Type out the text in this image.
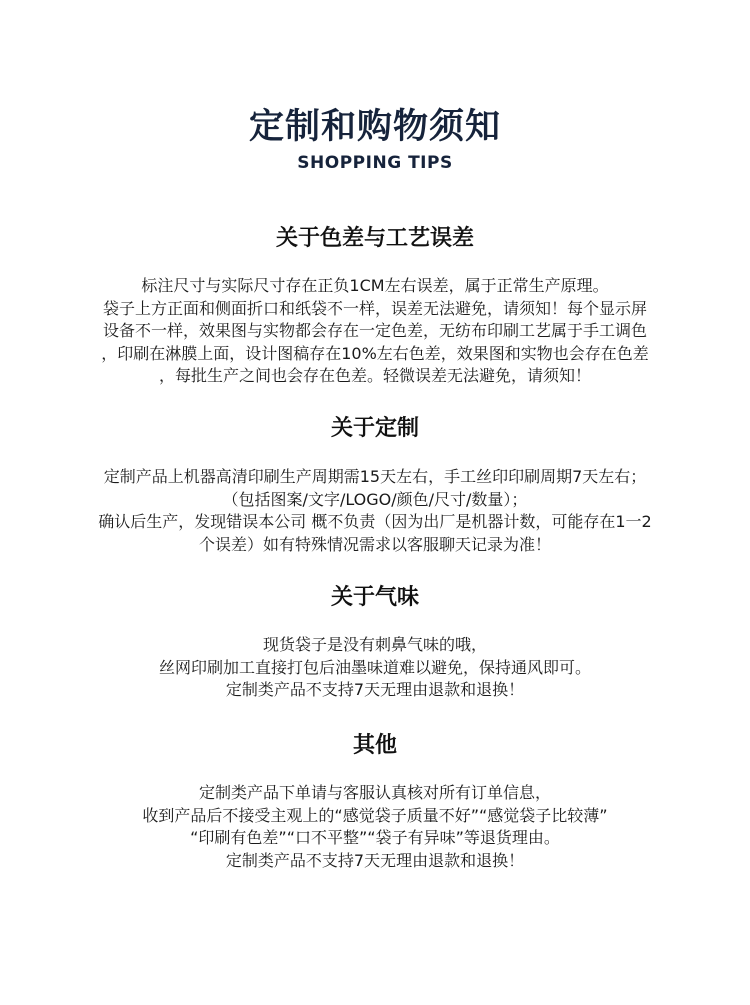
定制和购物须知
SHOPPING TIPS
关于色差与工艺误差
标注尺寸与实际尺寸存在正负1CM左右误差，属于正常生产原理。
袋子上方正面和侧面折口和纸袋不一样，误差无法避免，请须知！每个显示屏
设备不一样，效果图与实物都会存在一定色差，无纺布印刷工艺属于手工调色
，印刷在淋膜上面，设计图稿存在10%左右色差，效果图和实物也会存在色差
，每批生产之间也会存在色差。轻微误差无法避免，请须知！
关于定制
定制产品上机器高清印刷生产周期需15天左右，手工丝印印刷周期7天左右；
（包括图案/文字/LOGO/颜色/尺寸/数量）；
确认后生产，发现错误本公司 概不负责（因为出厂是机器计数，可能存在1一2
个误差）如有特殊情况需求以客服聊天记录为准！
关于气味
现货袋子是没有刺鼻气味的哦，
丝网印刷加工直接打包后油墨味道难以避免，保持通风即可。
定制类产品不支持7天无理由退款和退换！
其他
定制类产品下单请与客服认真核对所有订单信息，
收到产品后不接受主观上的“感觉袋子质量不好”“感觉袋子比较薄”
“印刷有色差”“口不平整”“袋子有异味”等退货理由。
定制类产品不支持7天无理由退款和退换！
